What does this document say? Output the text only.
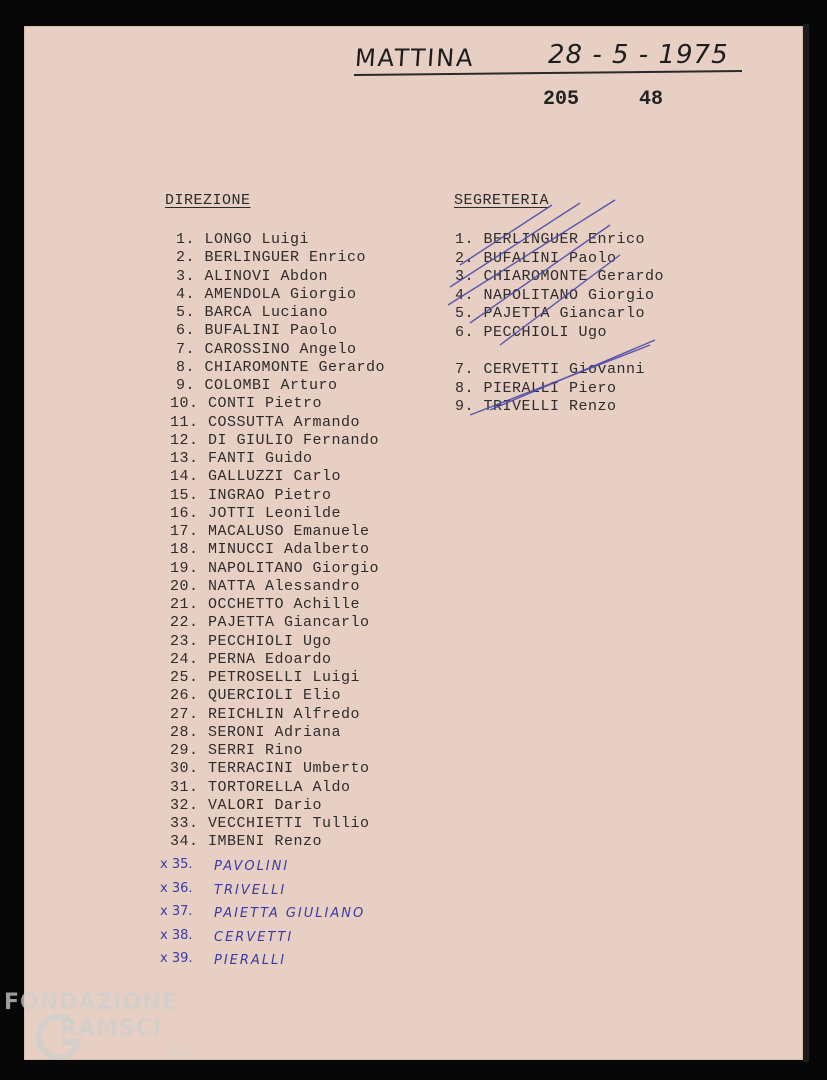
MATTINA	28 - 5 - 1975
205	48
DIREZIONE	SEGRETERIA
1. LONGO Luigi
2. BERLINGUER Enrico
3. ALINOVI Abdon
4. AMENDOLA Giorgio
5. BARCA Luciano
6. BUFALINI Paolo
7. CAROSSINO Angelo
8. CHIAROMONTE Gerardo
9. COLOMBI Arturo
10. CONTI Pietro
11. COSSUTTA Armando
12. DI GIULIO Fernando
13. FANTI Guido
14. GALLUZZI Carlo
15. INGRAO Pietro
16. JOTTI Leonilde
17. MACALUSO Emanuele
18. MINUCCI Adalberto
19. NAPOLITANO Giorgio
20. NATTA Alessandro
21. OCCHETTO Achille
22. PAJETTA Giancarlo
23. PECCHIOLI Ugo
24. PERNA Edoardo
25. PETROSELLI Luigi
26. QUERCIOLI Elio
27. REICHLIN Alfredo
28. SERONI Adriana
29. SERRI Rino
30. TERRACINI Umberto
31. TORTORELLA Aldo
32. VALORI Dario
33. VECCHIETTI Tullio
34. IMBENI Renzo
x 35. PAVOLINI
x 36. TRIVELLI
x 37. PAIETTA GIULIANO
x 38. CERVETTI
x 39. PIERALLI
1. BERLINGUER Enrico
2. BUFALINI Paolo
3. CHIAROMONTE Gerardo
4. NAPOLITANO Giorgio
5. PAJETTA Giancarlo
6. PECCHIOLI Ugo
7. CERVETTI Giovanni
8. PIERALLI Piero
9. TRIVELLI Renzo
FONDAZIONE
RAMSCI
onlus
